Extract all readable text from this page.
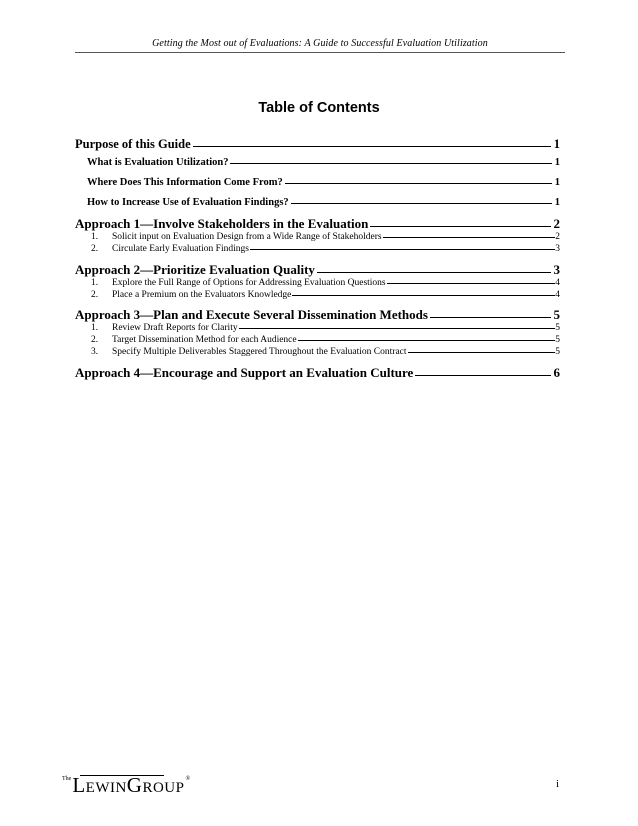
Getting the Most out of Evaluations: A Guide to Successful Evaluation Utilization
Table of Contents
Purpose of this Guide	1
What is Evaluation Utilization?	1
Where Does This Information Come From?	1
How to Increase Use of Evaluation Findings?	1
Approach 1—Involve Stakeholders in the Evaluation	2
1.	Solicit input on Evaluation Design from a Wide Range of Stakeholders	2
2.	Circulate Early Evaluation Findings	3
Approach 2—Prioritize Evaluation Quality	3
1.	Explore the Full Range of Options for Addressing Evaluation Questions	4
2.	Place a Premium on the Evaluators Knowledge	4
Approach 3—Plan and Execute Several Dissemination Methods	5
1.	Review Draft Reports for Clarity	5
2.	Target Dissemination Method for each Audience	5
3.	Specify Multiple Deliverables Staggered Throughout the Evaluation Contract	5
Approach 4—Encourage and Support an Evaluation Culture	6
The LewinGroup ®	i
